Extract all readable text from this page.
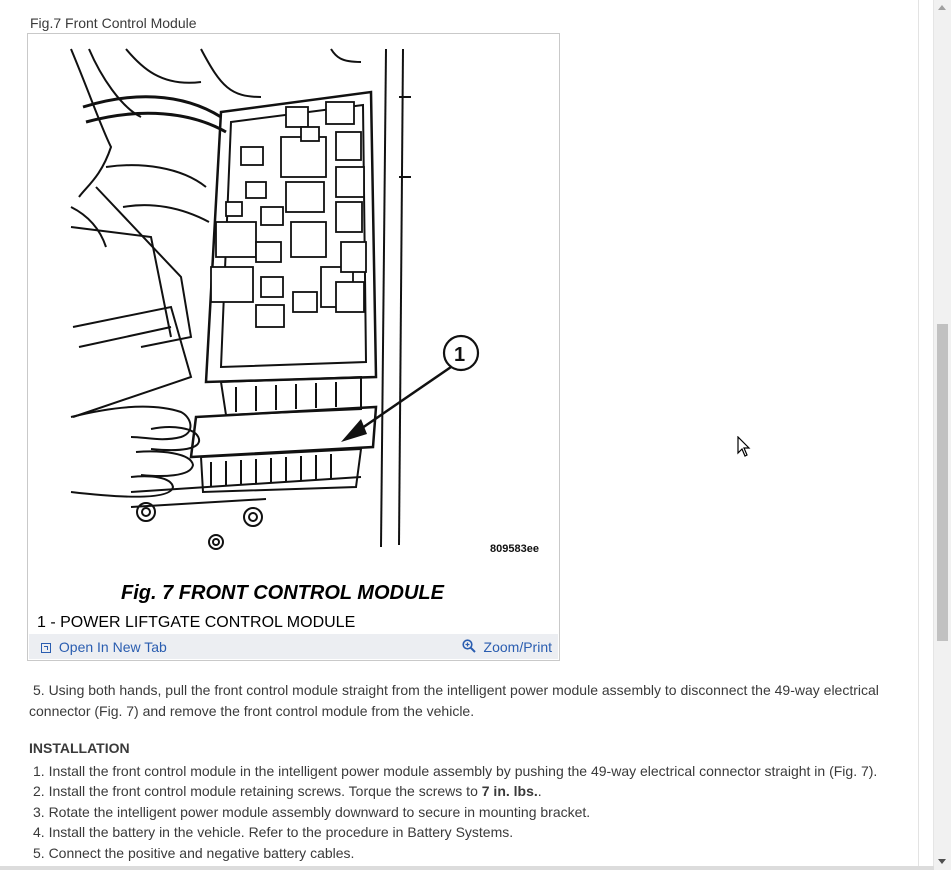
Fig.7 Front Control Module
1
809583ee
Fig. 7 FRONT CONTROL MODULE
1 - POWER LIFTGATE CONTROL MODULE
Open In New Tab	Zoom/Print
5. Using both hands, pull the front control module straight from the intelligent power module assembly to disconnect the 49-way electrical connector (Fig. 7) and remove the front control module from the vehicle.
INSTALLATION
1. Install the front control module in the intelligent power module assembly by pushing the 49-way electrical connector straight in (Fig. 7).
2. Install the front control module retaining screws. Torque the screws to 7 in. lbs..
3. Rotate the intelligent power module assembly downward to secure in mounting bracket.
4. Install the battery in the vehicle. Refer to the procedure in Battery Systems.
5. Connect the positive and negative battery cables.
